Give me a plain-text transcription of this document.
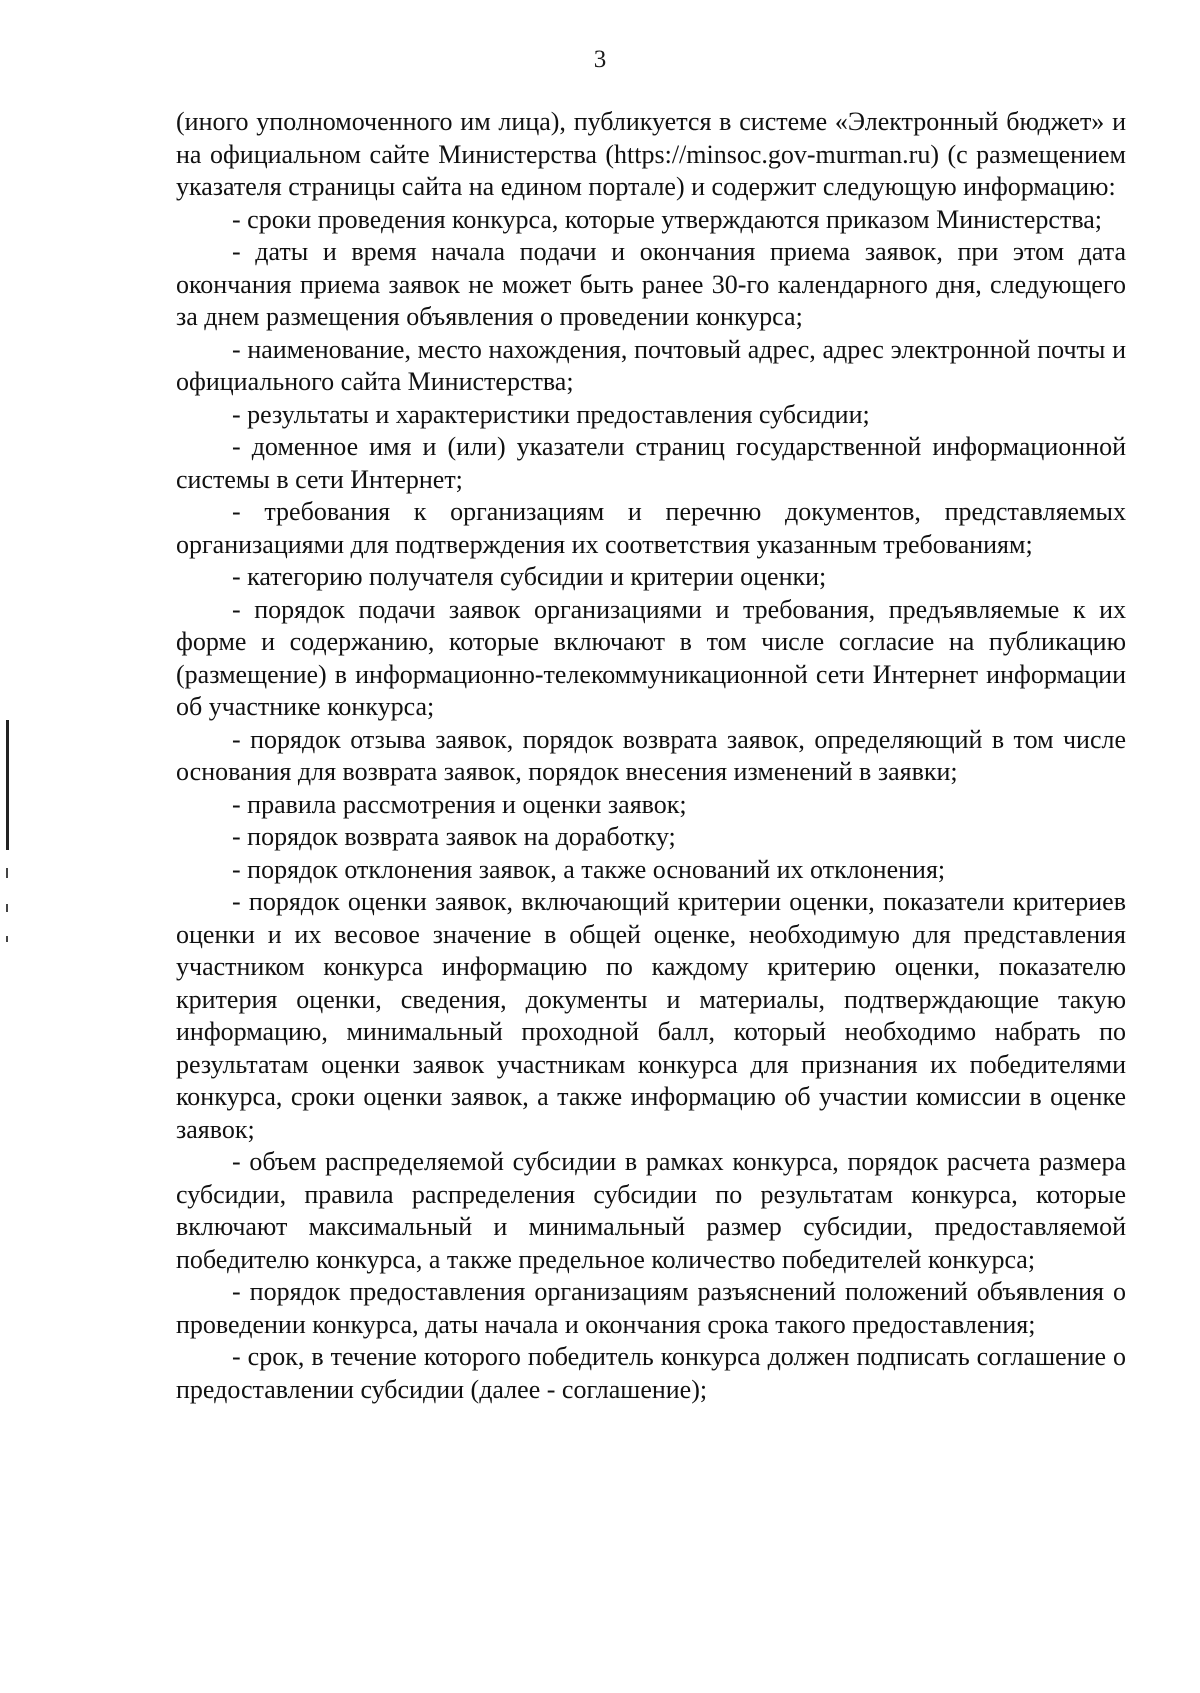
3

(иного уполномоченного им лица), публикуется в системе «Электронный бюджет» и на официальном сайте Министерства (https://minsoc.gov-murman.ru) (с размещением указателя страницы сайта на едином портале) и содержит следующую информацию:

- сроки проведения конкурса, которые утверждаются приказом Министерства;

- даты и время начала подачи и окончания приема заявок, при этом дата окончания приема заявок не может быть ранее 30-го календарного дня, следующего за днем размещения объявления о проведении конкурса;

- наименование, место нахождения, почтовый адрес, адрес электронной почты и официального сайта Министерства;

- результаты и характеристики предоставления субсидии;

- доменное имя и (или) указатели страниц государственной информационной системы в сети Интернет;

- требования к организациям и перечню документов, представляемых организациями для подтверждения их соответствия указанным требованиям;

- категорию получателя субсидии и критерии оценки;

- порядок подачи заявок организациями и требования, предъявляемые к их форме и содержанию, которые включают в том числе согласие на публикацию (размещение) в информационно-телекоммуникационной сети Интернет информации об участнике конкурса;

- порядок отзыва заявок, порядок возврата заявок, определяющий в том числе основания для возврата заявок, порядок внесения изменений в заявки;

- правила рассмотрения и оценки заявок;

- порядок возврата заявок на доработку;

- порядок отклонения заявок, а также оснований их отклонения;

- порядок оценки заявок, включающий критерии оценки, показатели критериев оценки и их весовое значение в общей оценке, необходимую для представления участником конкурса информацию по каждому критерию оценки, показателю критерия оценки, сведения, документы и материалы, подтверждающие такую информацию, минимальный проходной балл, который необходимо набрать по результатам оценки заявок участникам конкурса для признания их победителями конкурса, сроки оценки заявок, а также информацию об участии комиссии в оценке заявок;

- объем распределяемой субсидии в рамках конкурса, порядок расчета размера субсидии, правила распределения субсидии по результатам конкурса, которые включают максимальный и минимальный размер субсидии, предоставляемой победителю конкурса, а также предельное количество победителей конкурса;

- порядок предоставления организациям разъяснений положений объявления о проведении конкурса, даты начала и окончания срока такого предоставления;

- срок, в течение которого победитель конкурса должен подписать соглашение о предоставлении субсидии (далее - соглашение);
